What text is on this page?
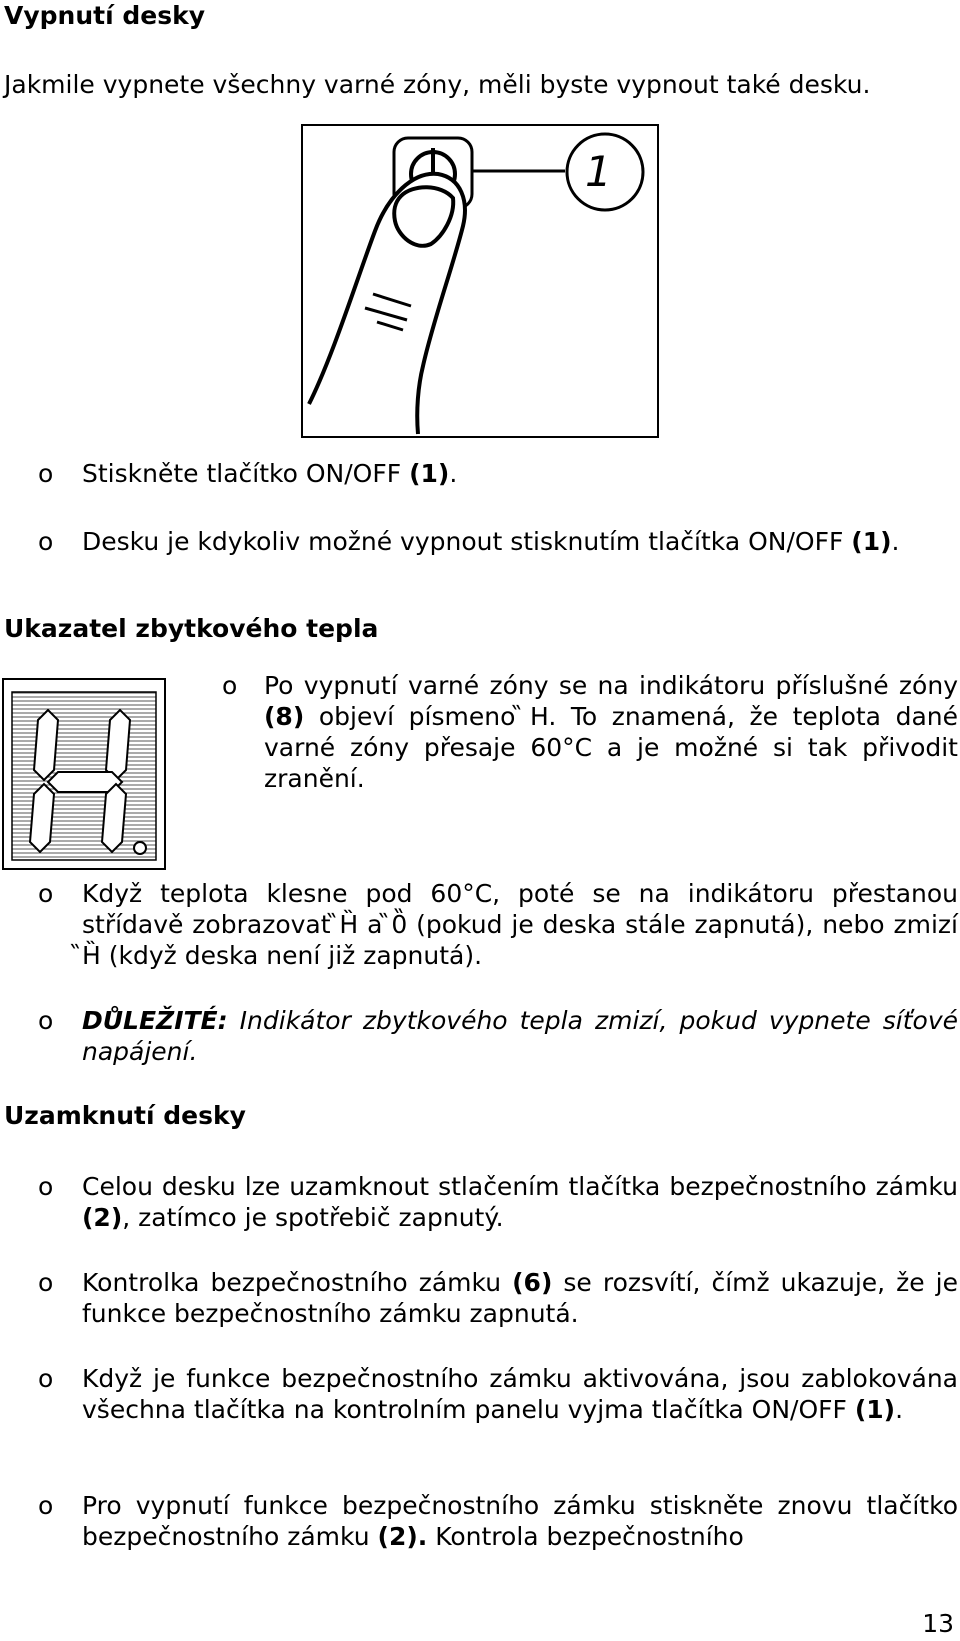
Vypnutí desky
Jakmile vypnete všechny varné zóny, měli byste vypnout také desku.
1
o Stiskněte tlačítko ON/OFF (1).
o Desku je kdykoliv možné vypnout stisknutím tlačítka ON/OFF (1).
Ukazatel zbytkového tepla
o Po vypnutí varné zóny se na indikátoru příslušné zóny (8) objeví písmeno ̏H. To znamená, že teplota dané varné zóny přesaje 60°C a je možné si tak přivodit zranění.
o Když teplota klesne pod 60°C, poté se na indikátoru přestanou střídavě zobrazovat ̏H̏ a ̏0̏ (pokud je deska stále zapnutá), nebo zmizí ̏H̏ (když deska není již zapnutá).
o DŮLEŽITÉ: Indikátor zbytkového tepla zmizí, pokud vypnete síťové napájení.
Uzamknutí desky
o Celou desku lze uzamknout stlačením tlačítka bezpečnostního zámku (2), zatímco je spotřebič zapnutý.
o Kontrolka bezpečnostního zámku (6) se rozsvítí, čímž ukazuje, že je funkce bezpečnostního zámku zapnutá.
o Když je funkce bezpečnostního zámku aktivována, jsou zablokována všechna tlačítka na kontrolním panelu vyjma tlačítka ON/OFF (1).
o Pro vypnutí funkce bezpečnostního zámku stiskněte znovu tlačítko bezpečnostního zámku (2). Kontrola bezpečnostního
13
